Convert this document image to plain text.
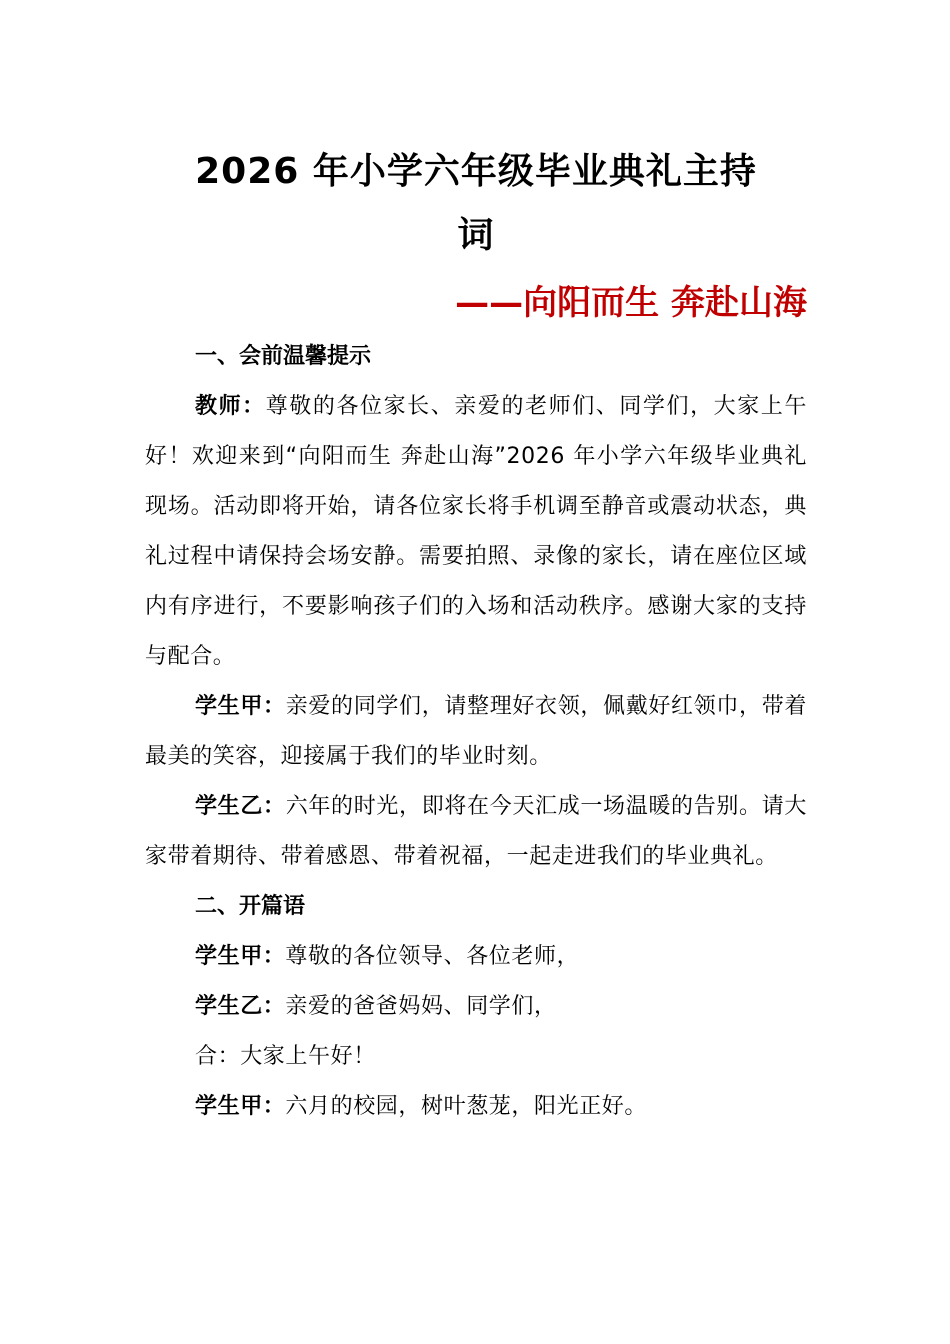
2026 年小学六年级毕业典礼主持
词

——向阳而生 奔赴山海

一、会前温馨提示

教师：尊敬的各位家长、亲爱的老师们、同学们，大家上午好！欢迎来到“向阳而生 奔赴山海”2026 年小学六年级毕业典礼现场。活动即将开始，请各位家长将手机调至静音或震动状态，典礼过程中请保持会场安静。需要拍照、录像的家长，请在座位区域内有序进行，不要影响孩子们的入场和活动秩序。感谢大家的支持与配合。

学生甲：亲爱的同学们，请整理好衣领，佩戴好红领巾，带着最美的笑容，迎接属于我们的毕业时刻。

学生乙：六年的时光，即将在今天汇成一场温暖的告别。请大家带着期待、带着感恩、带着祝福，一起走进我们的毕业典礼。

二、开篇语

学生甲：尊敬的各位领导、各位老师，

学生乙：亲爱的爸爸妈妈、同学们，

合：大家上午好！

学生甲：六月的校园，树叶葱茏，阳光正好。
